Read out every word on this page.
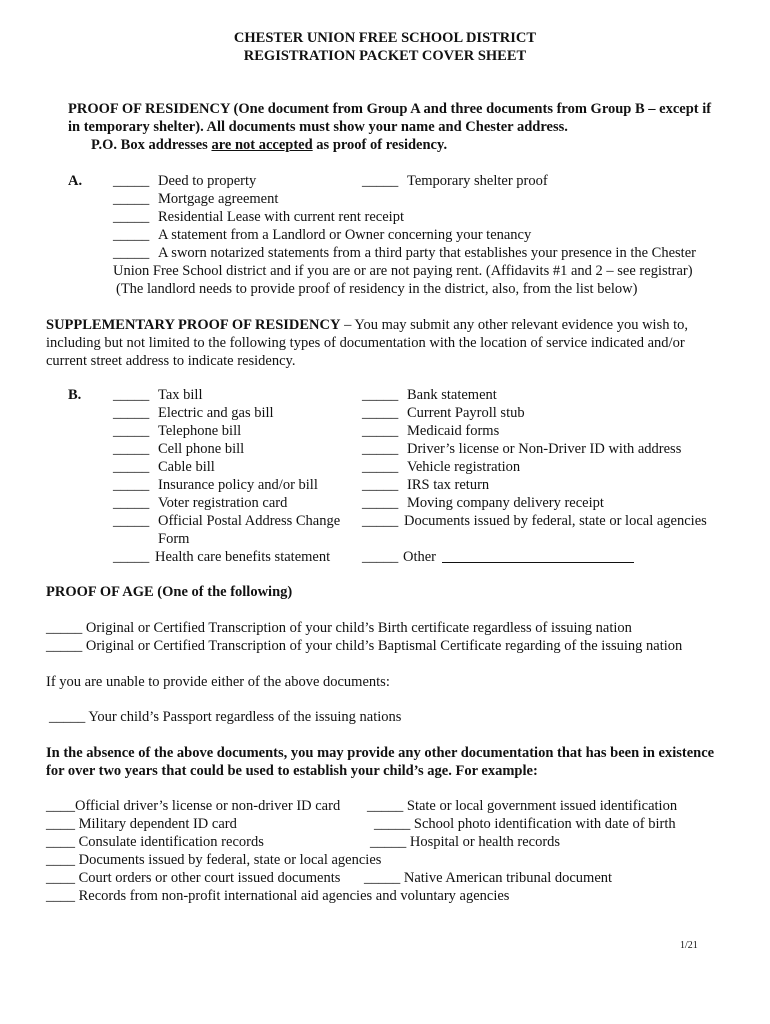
CHESTER UNION FREE SCHOOL DISTRICT
REGISTRATION PACKET COVER SHEET
PROOF OF RESIDENCY (One document from Group A and three documents from Group B – except if
in temporary shelter). All documents must show your name and Chester address.
P.O. Box addresses are not accepted as proof of residency.
A. _____ Deed to property
_____ Mortgage agreement
_____ Residential Lease with current rent receipt
_____ A statement from a Landlord or Owner concerning your tenancy
_____ A sworn notarized statements from a third party that establishes your presence in the Chester
Union Free School district and if you are or are not paying rent. (Affidavits #1 and 2 – see registrar)
(The landlord needs to provide proof of residency in the district, also, from the list below)
_____ Temporary shelter proof
SUPPLEMENTARY PROOF OF RESIDENCY – You may submit any other relevant evidence you wish to,
including but not limited to the following types of documentation with the location of service indicated and/or
current street address to indicate residency.
B. _____ Tax bill
_____ Electric and gas bill
_____ Telephone bill
_____ Cell phone bill
_____ Cable bill
_____ Insurance policy and/or bill
_____ Voter registration card
_____ Official Postal Address Change
Form
_____ Health care benefits statement
_____ Bank statement
_____ Current Payroll stub
_____ Medicaid forms
_____ Driver’s license or Non-Driver ID with address
_____ Vehicle registration
_____ IRS tax return
_____ Moving company delivery receipt
_____ Documents issued by federal, state or local agencies
_____ Other
PROOF OF AGE (One of the following)
_____ Original or Certified Transcription of your child’s Birth certificate regardless of issuing nation
_____ Original or Certified Transcription of your child’s Baptismal Certificate regarding of the issuing nation
If you are unable to provide either of the above documents:
_____ Your child’s Passport regardless of the issuing nations
In the absence of the above documents, you may provide any other documentation that has been in existence
for over two years that could be used to establish your child’s age. For example:
____Official driver’s license or non-driver ID card
____ Military dependent ID card
____ Consulate identification records
____ Documents issued by federal, state or local agencies
____ Court orders or other court issued documents
____ Records from non-profit international aid agencies and voluntary agencies
_____ State or local government issued identification
_____ School photo identification with date of birth
_____ Hospital or health records
_____ Native American tribunal document
1/21
